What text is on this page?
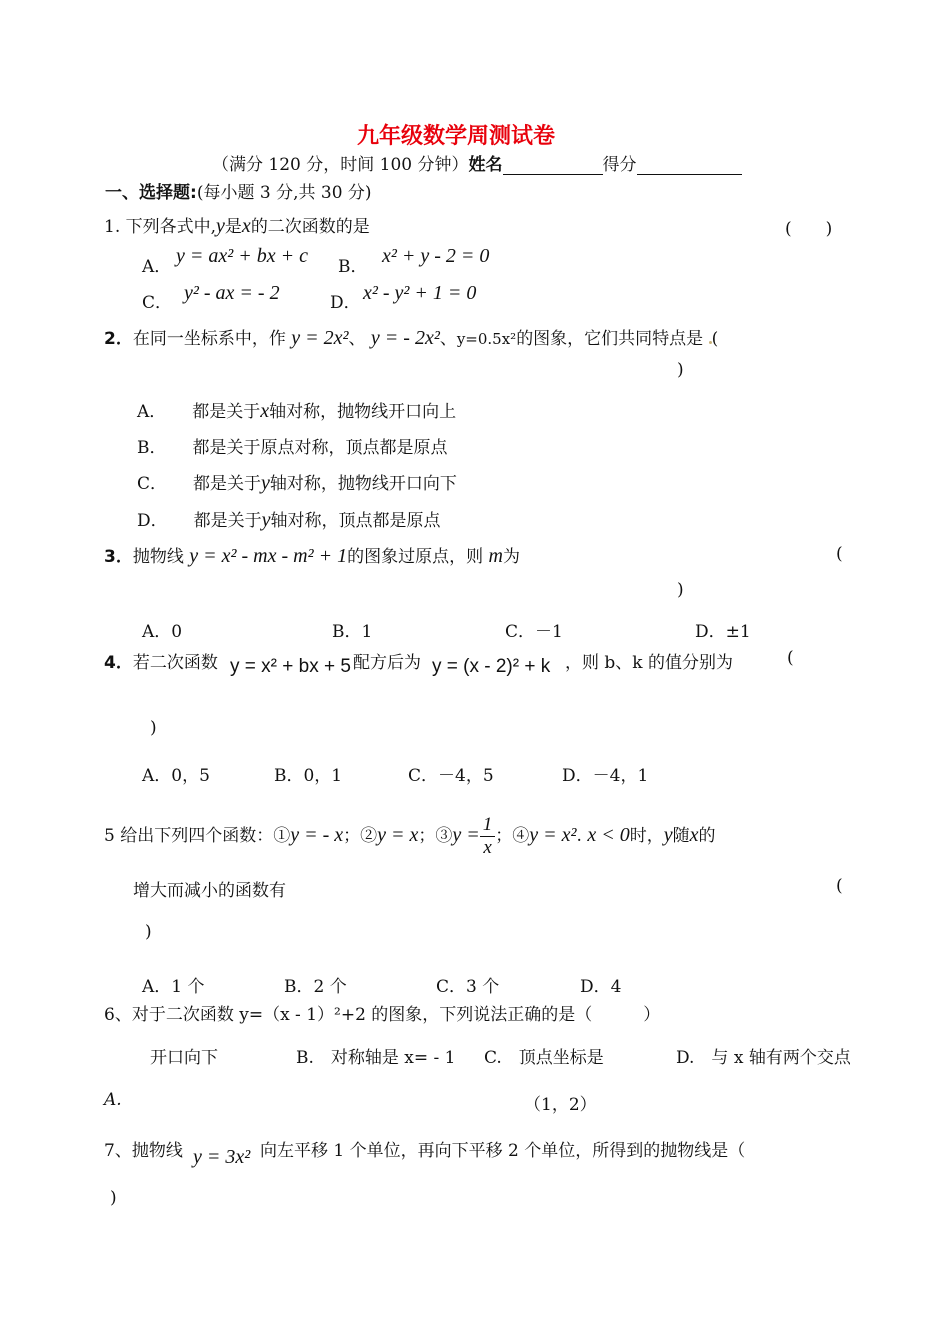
九年级数学周测试卷
（满分 120 分，时间 100 分钟）姓名	得分
一、选择题:(每小题 3 分,共 30 分)
1. 下列各式中,y是x的二次函数的是	(　　)
A． y = ax² + bx + c B． x² + y - 2 = 0
C． y² - ax = - 2	D． x² - y² + 1 = 0
2．在同一坐标系中，作 y = 2x²、 y = - 2x²、y=0.5x²的图象，它们共同特点是 (
)
A． 都是关于x轴对称，抛物线开口向上
B． 都是关于原点对称，顶点都是原点
C． 都是关于y轴对称，抛物线开口向下
D． 都是关于y轴对称，顶点都是原点
3．抛物线 y = x² - mx - m² + 1的图象过原点，则 m为	(
)
A．0	B．1	C．－1	D．±1
4．若二次函数 y = x² + bx + 5 配方后为 y = (x - 2)² + k ，则 b、k 的值分别为	(
)
A．0，5	B．0，1	C．－4，5	D．－4，1
5 给出下列四个函数：①y = - x；②y = x；③y = $\frac{1}{x}$ ；④y = x². x < 0时，y随x的
增大而减小的函数有	(
)
A．1 个	B．2 个	C．3 个	D．4
6、对于二次函数 y=（x - 1）²+2 的图象，下列说法正确的是（　　　）
开口向下
A.
B.　对称轴是 x= - 1 C.　顶点坐标是
（1，2）
D.　与 x 轴有两个交点
7、抛物线 y = 3x² 向左平移 1 个单位，再向下平移 2 个单位，所得到的抛物线是（
)
